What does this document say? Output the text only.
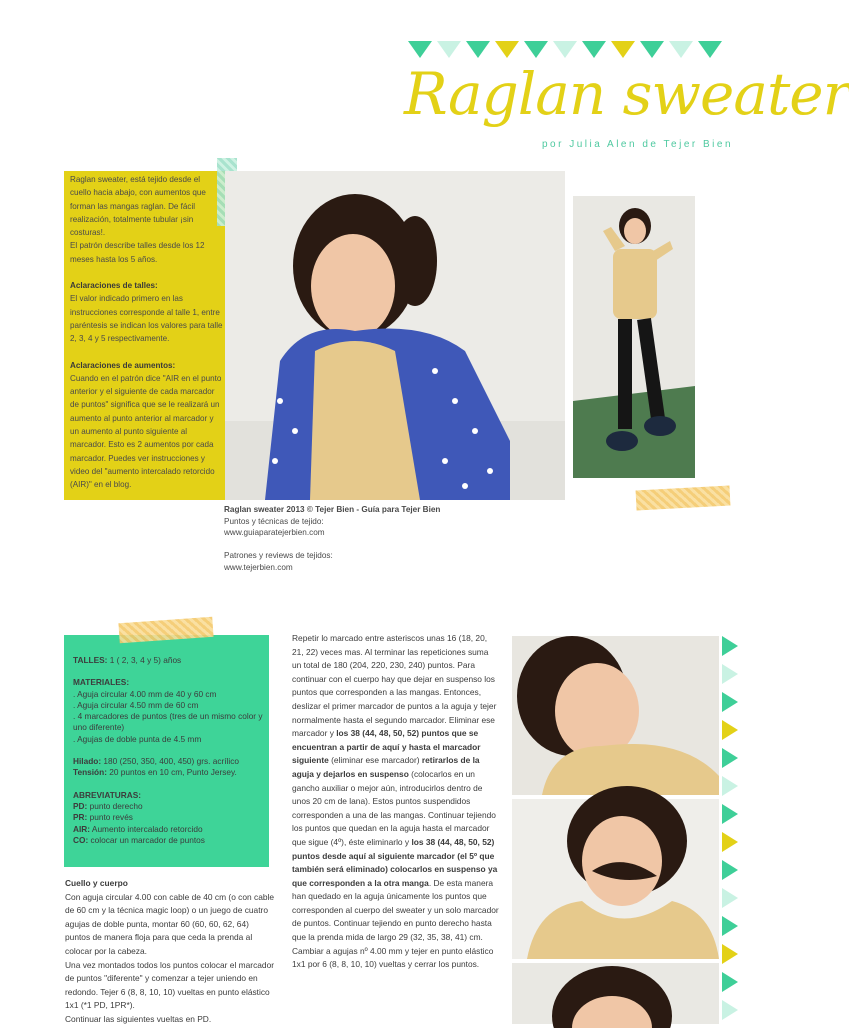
Raglan sweater
por Julia Alen de Tejer Bien

Raglan sweater, está tejido desde el cuello hacia abajo, con aumentos que forman las mangas raglan. De fácil realización, totalmente tubular ¡sin costuras!.

El patrón describe talles desde los 12 meses hasta los 5 años.

Aclaraciones de talles:

El valor indicado primero en las instrucciones corresponde al talle 1, entre paréntesis se indican los valores para talle 2, 3, 4 y 5 respectivamente.

Aclaraciones de aumentos:

Cuando en el patrón dice "AIR en el punto anterior y el siguiente de cada marcador de puntos" significa que se le realizará un aumento al punto anterior al marcador y un aumento al punto siguiente al marcador. Esto es 2 aumentos por cada marcador. Puedes ver instrucciones y video del "aumento intercalado retorcido (AIR)" en el blog.

Raglan sweater 2013 © Tejer Bien - Guía para Tejer Bien

Puntos y técnicas de tejido:

www.guiaparatejerbien.com

Patrones y reviews de tejidos:

www.tejerbien.com

TALLES: 1 ( 2, 3, 4 y 5) años

MATERIALES:

. Aguja circular 4.00 mm de 40 y 60 cm

. Aguja circular 4.50 mm de 60 cm

. 4 marcadores de puntos (tres de un mismo color y uno diferente)

. Agujas de doble punta de 4.5 mm

Hilado: 180 (250, 350, 400, 450) grs. acrílico

Tensión: 20 puntos en 10 cm, Punto Jersey.

ABREVIATURAS:

PD: punto derecho

PR: punto revés

AIR: Aumento intercalado retorcido

CO: colocar un marcador de puntos

Cuello y cuerpo

Con aguja circular 4.00 con cable de 40 cm (o con cable de 60 cm y la técnica magic loop) o un juego de cuatro agujas de doble punta, montar 60 (60, 60, 62, 64) puntos de manera floja para que ceda la prenda al colocar por la cabeza.

Una vez montados todos los puntos colocar el marcador de puntos "diferente" y comenzar a tejer uniendo en redondo. Tejer 6 (8, 8, 10, 10) vueltas en punto elástico 1x1 (*1 PD, 1PR*).

Continuar las siguientes vueltas en PD.

Repetir lo marcado entre asteriscos unas 16 (18, 20, 21, 22) veces mas. Al terminar las repeticiones suma un total de 180 (204, 220, 230, 240) puntos. Para continuar con el cuerpo hay que dejar en suspenso los puntos que corresponden a las mangas. Entonces, deslizar el primer marcador de puntos a la aguja y tejer normalmente hasta el segundo marcador. Eliminar ese marcador y los 38 (44, 48, 50, 52) puntos que se encuentran a partir de aquí y hasta el marcador siguiente (eliminar ese marcador) retirarlos de la aguja y dejarlos en suspenso (colocarlos en un gancho auxiliar o mejor aún, introducirlos dentro de unos 20 cm de lana). Estos puntos suspendidos corresponden a una de las mangas. Continuar tejiendo los puntos que quedan en la aguja hasta el marcador que sigue (4º), éste eliminarlo y los 38 (44, 48, 50, 52) puntos desde aquí al siguiente marcador (el 5º que también será eliminado) colocarlos en suspenso ya que corresponden a la otra manga. De esta manera han quedado en la aguja únicamente los puntos que corresponden al cuerpo del sweater y un solo marcador de puntos. Continuar tejiendo en punto derecho hasta que la prenda mida de largo 29 (32, 35, 38, 41) cm. Cambiar a agujas nº 4.00 mm y tejer en punto elástico 1x1 por 6 (8, 8, 10, 10) vueltas y cerrar los puntos.
